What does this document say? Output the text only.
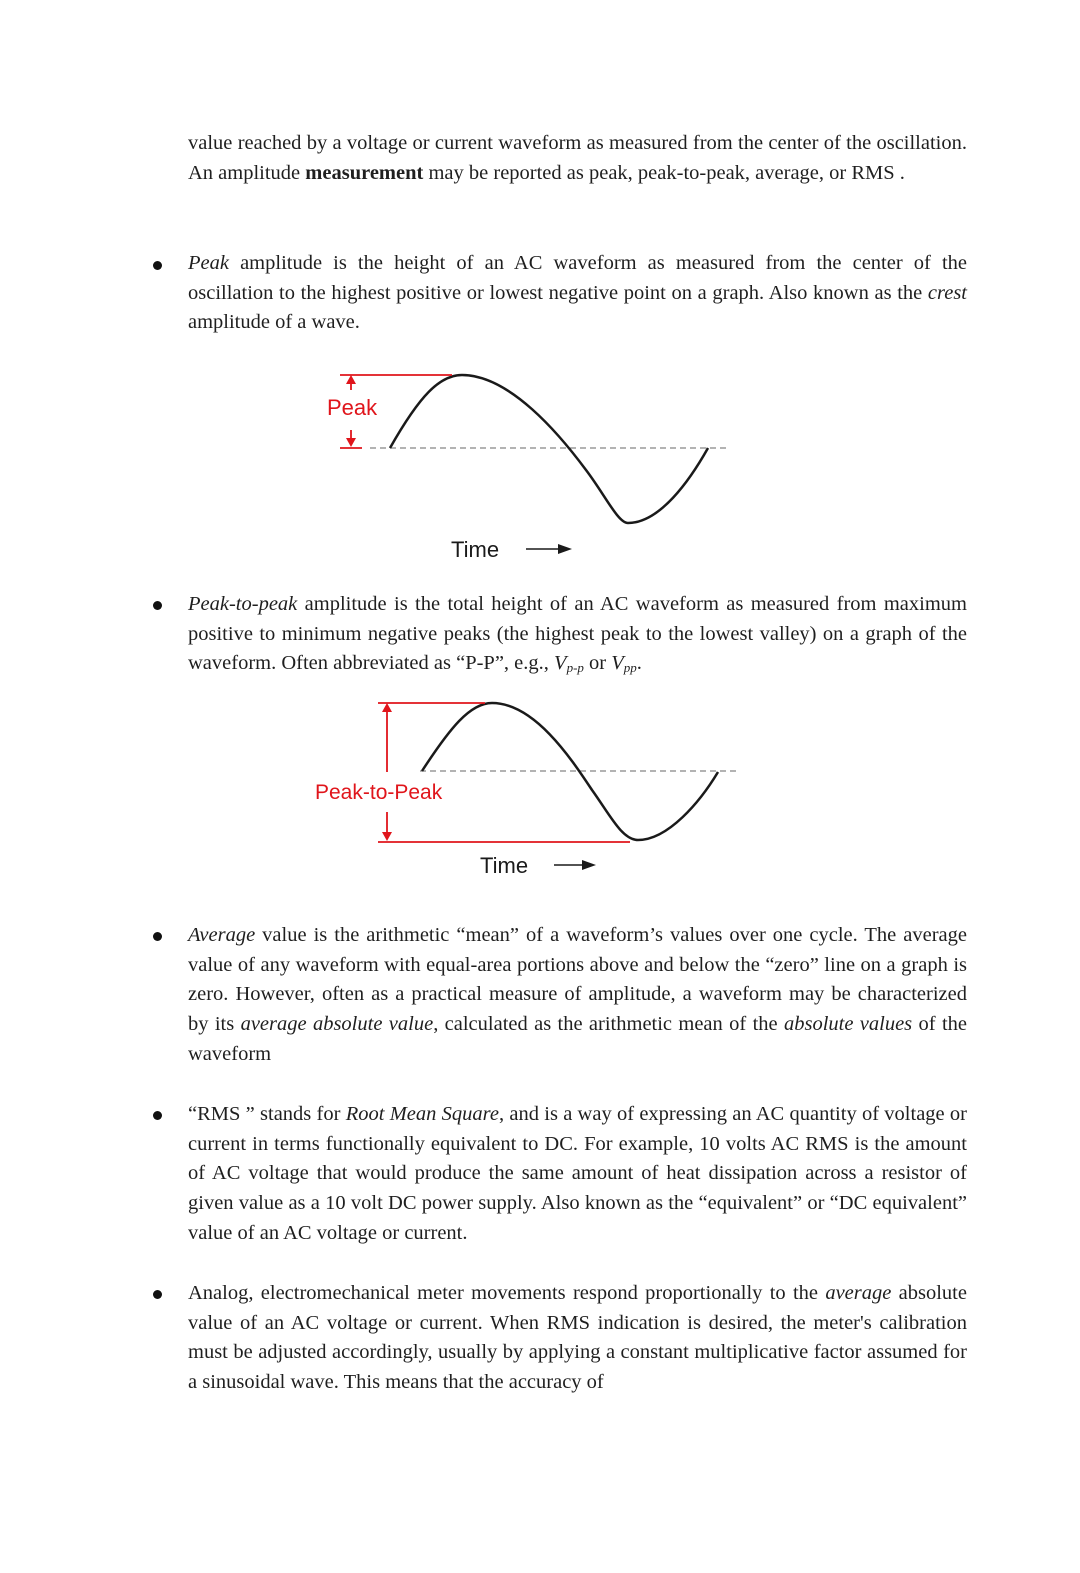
value reached by a voltage or current waveform as measured from the center of the oscillation. An amplitude measurement may be reported as peak, peak-to-peak, average, or RMS .

Peak amplitude is the height of an AC waveform as measured from the center of the oscillation to the highest positive or lowest negative point on a graph. Also known as the crest amplitude of a wave.

Peak
Time

Peak-to-peak amplitude is the total height of an AC waveform as measured from maximum positive to minimum negative peaks (the highest peak to the lowest valley) on a graph of the waveform. Often abbreviated as “P-P”, e.g., $V_{p-p}$ or $V_{pp}$.

Peak-to-Peak
Time

Average value is the arithmetic “mean” of a waveform’s values over one cycle. The average value of any waveform with equal-area portions above and below the “zero” line on a graph is zero. However, often as a practical measure of amplitude, a waveform may be characterized by its average absolute value, calculated as the arithmetic mean of the absolute values of the waveform

“RMS ” stands for Root Mean Square, and is a way of expressing an AC quantity of voltage or current in terms functionally equivalent to DC. For example, 10 volts AC RMS is the amount of AC voltage that would produce the same amount of heat dissipation across a resistor of given value as a 10 volt DC power supply. Also known as the “equivalent” or “DC equivalent” value of an AC voltage or current.

Analog, electromechanical meter movements respond proportionally to the average absolute value of an AC voltage or current. When RMS indication is desired, the meter's calibration must be adjusted accordingly, usually by applying a constant multiplicative factor assumed for a sinusoidal wave. This means that the accuracy of
